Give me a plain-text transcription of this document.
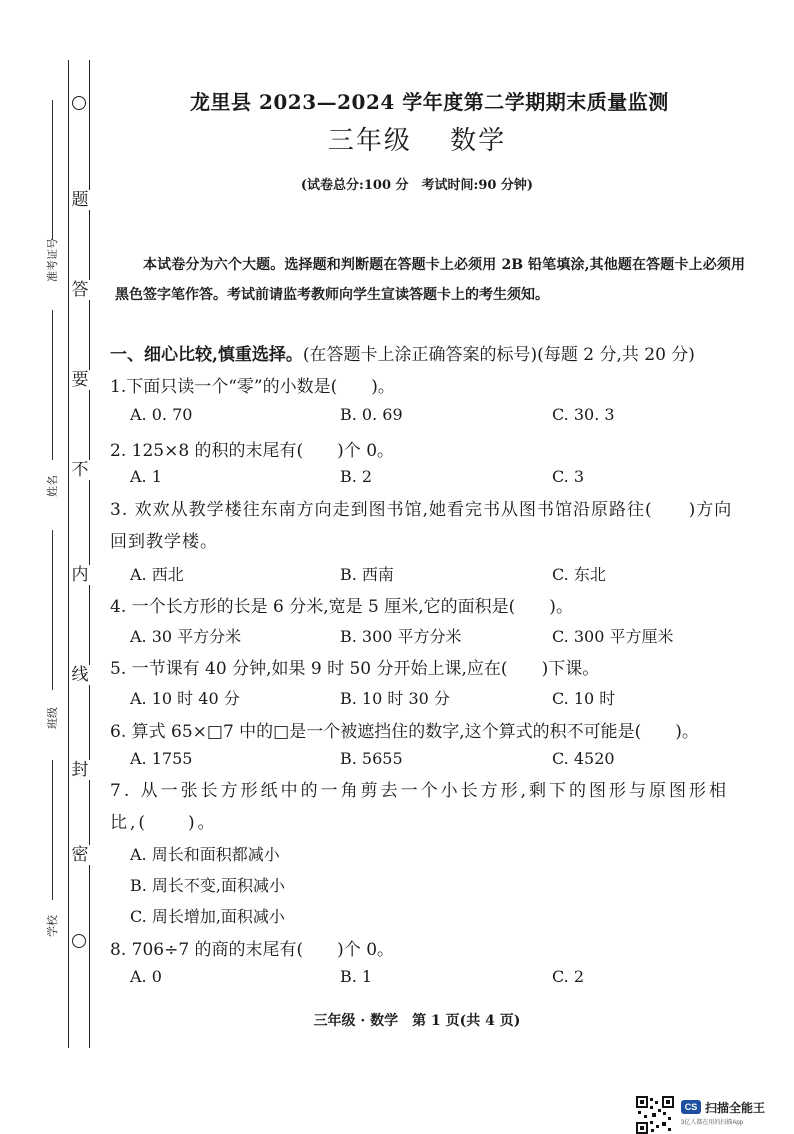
题
答
要
不
内
线
封
密
准考证号
姓名
班级
学校
龙里县 2023—2024 学年度第二学期期末质量监测
三年级 数学
(试卷总分:100 分　考试时间:90 分钟)
本试卷分为六个大题。选择题和判断题在答题卡上必须用 2B 铅笔填涂,其他题在答题卡上必须用黑色签字笔作答。考试前请监考教师向学生宣读答题卡上的考生须知。
一、细心比较,慎重选择。(在答题卡上涂正确答案的标号)(每题 2 分,共 20 分)
1.下面只读一个“零”的小数是(　　)。
A. 0. 70	B. 0. 69	C. 30. 3
2. 125×8 的积的末尾有(　　)个 0。
A. 1	B. 2	C. 3
3. 欢欢从教学楼往东南方向走到图书馆,她看完书从图书馆沿原路往(　　)方向回到教学楼。
A. 西北	B. 西南	C. 东北
4. 一个长方形的长是 6 分米,宽是 5 厘米,它的面积是(　　)。
A. 30 平方分米	B. 300 平方分米	C. 300 平方厘米
5. 一节课有 40 分钟,如果 9 时 50 分开始上课,应在(　　)下课。
A. 10 时 40 分	B. 10 时 30 分	C. 10 时
6. 算式 65×□7 中的□是一个被遮挡住的数字,这个算式的积不可能是(　　)。
A. 1755	B. 5655	C. 4520
7. 从一张长方形纸中的一角剪去一个小长方形,剩下的图形与原图形相比,(　　)。
A. 周长和面积都减小
B. 周长不变,面积减小
C. 周长增加,面积减小
8. 706÷7 的商的末尾有(　　)个 0。
A. 0	B. 1	C. 2
三年级 · 数学　第 1 页(共 4 页)
CS 扫描全能王
3亿人都在用的扫描App
